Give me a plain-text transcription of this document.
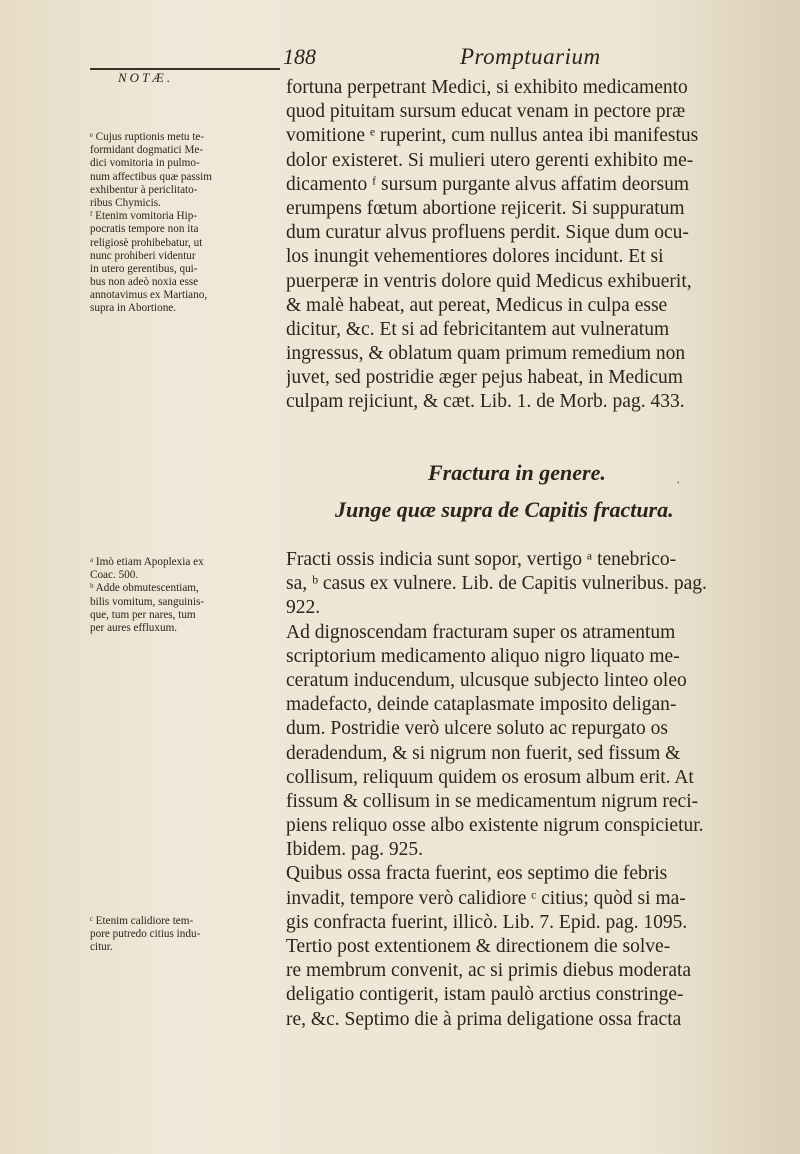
NOTÆ.
188	Promptuarium
fortuna perpetrant Medici, si exhibito medicamento
quod pituitam sursum educat venam in pectore præ
vomitione ᵉ ruperint, cum nullus antea ibi manifestus
dolor existeret. Si mulieri utero gerenti exhibito me-
dicamento ᶠ sursum purgante alvus affatim deorsum
erumpens fœtum abortione rejicerit. Si suppuratum
dum curatur alvus profluens perdit. Sique dum ocu-
los inungit vehementiores dolores incidunt. Et si
puerperæ in ventris dolore quid Medicus exhibuerit,
& malè habeat, aut pereat, Medicus in culpa esse
dicitur, &c. Et si ad febricitantem aut vulneratum
ingressus, & oblatum quam primum remedium non
juvet, sed postridie æger pejus habeat, in Medicum
culpam rejiciunt, & cæt. Lib. 1. de Morb. pag. 433.
ᵉ Cujus ruptionis metu te-
formidant dogmatici Me-
dici vomitoria in pulmo-
num affectibus quæ passim
exhibentur à periclitato-
ribus Chymicis.
ᶠ Etenim vomitoria Hip-
pocratis tempore non ita
religiosè prohibebatur, ut
nunc prohiberi videntur
in utero gerentibus, qui-
bus non adeò noxia esse
annotavimus ex Martiano,
supra in Abortione.
Fractura in genere.	.
Junge quæ supra de Capitis fractura.
Fracti ossis indicia sunt sopor, vertigo ᵃ tenebrico-
sa, ᵇ casus ex vulnere. Lib. de Capitis vulneribus. pag.
922.
Ad dignoscendam fracturam super os atramentum
scriptorium medicamento aliquo nigro liquato me-
ceratum inducendum, ulcusque subjecto linteo oleo
madefacto, deinde cataplasmate imposito deligan-
dum. Postridie verò ulcere soluto ac repurgato os
deradendum, & si nigrum non fuerit, sed fissum &
collisum, reliquum quidem os erosum album erit. At
fissum & collisum in se medicamentum nigrum reci-
piens reliquo osse albo existente nigrum conspicietur.
Ibidem. pag. 925.
Quibus ossa fracta fuerint, eos septimo die febris
invadit, tempore verò calidiore ᶜ citius; quòd si ma-
gis confracta fuerint, illicò. Lib. 7. Epid. pag. 1095.
Tertio post extentionem & directionem die solve-
re membrum convenit, ac si primis diebus moderata
deligatio contigerit, istam paulò arctius constringe-
re, &c. Septimo die à prima deligatione ossa fracta
ᵃ Imò etiam Apoplexia ex
Coac. 500.
ᵇ Adde obmutescentiam,
bilis vomitum, sanguinis-
que, tum per nares, tum
per aures effluxum.
ᶜ Etenim calidiore tem-
pore putredo citius indu-
citur.
